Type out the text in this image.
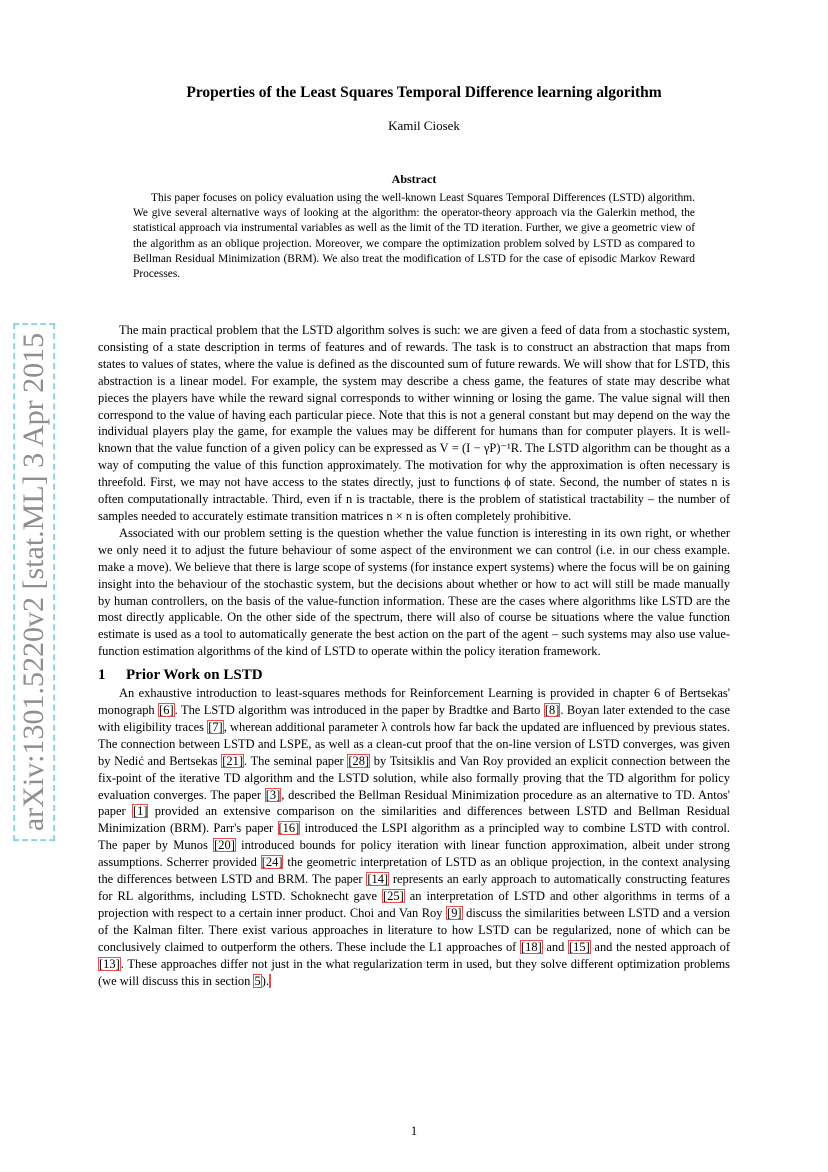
arXiv:1301.5220v2 [stat.ML] 3 Apr 2015
Properties of the Least Squares Temporal Difference learning algorithm
Kamil Ciosek
Abstract

This paper focuses on policy evaluation using the well-known Least Squares Temporal Differences (LSTD) algorithm. We give several alternative ways of looking at the algorithm: the operator-theory approach via the Galerkin method, the statistical approach via instrumental variables as well as the limit of the TD iteration. Further, we give a geometric view of the algorithm as an oblique projection. Moreover, we compare the optimization problem solved by LSTD as compared to Bellman Residual Minimization (BRM). We also treat the modification of LSTD for the case of episodic Markov Reward Processes.

The main practical problem that the LSTD algorithm solves is such: we are given a feed of data from a stochastic system, consisting of a state description in terms of features and of rewards. The task is to construct an abstraction that maps from states to values of states, where the value is defined as the discounted sum of future rewards. We will show that for LSTD, this abstraction is a linear model. For example, the system may describe a chess game, the features of state may describe what pieces the players have while the reward signal corresponds to wither winning or losing the game. The value signal will then correspond to the value of having each particular piece. Note that this is not a general constant but may depend on the way the individual players play the game, for example the values may be different for humans than for computer players. It is well-known that the value function of a given policy can be expressed as V = (I − γP)⁻¹R. The LSTD algorithm can be thought as a way of computing the value of this function approximately. The motivation for why the approximation is often necessary is threefold. First, we may not have access to the states directly, just to functions ϕ of state. Second, the number of states n is often computationally intractable. Third, even if n is tractable, there is the problem of statistical tractability – the number of samples needed to accurately estimate transition matrices n × n is often completely prohibitive.

Associated with our problem setting is the question whether the value function is interesting in its own right, or whether we only need it to adjust the future behaviour of some aspect of the environment we can control (i.e. in our chess example. make a move). We believe that there is large scope of systems (for instance expert systems) where the focus will be on gaining insight into the behaviour of the stochastic system, but the decisions about whether or how to act will still be made manually by human controllers, on the basis of the value-function information. These are the cases where algorithms like LSTD are the most directly applicable. On the other side of the spectrum, there will also of course be situations where the value function estimate is used as a tool to automatically generate the best action on the part of the agent – such systems may also use value-function estimation algorithms of the kind of LSTD to operate within the policy iteration framework.

1 Prior Work on LSTD

An exhaustive introduction to least-squares methods for Reinforcement Learning is provided in chapter 6 of Bertsekas' monograph [6]. The LSTD algorithm was introduced in the paper by Bradtke and Barto [8]. Boyan later extended to the case with eligibility traces [7], wherean additional parameter λ controls how far back the updated are influenced by previous states. The connection between LSTD and LSPE, as well as a clean-cut proof that the on-line version of LSTD converges, was given by Nedić and Bertsekas [21]. The seminal paper [28] by Tsitsiklis and Van Roy provided an explicit connection between the fix-point of the iterative TD algorithm and the LSTD solution, while also formally proving that the TD algorithm for policy evaluation converges. The paper [3], described the Bellman Residual Minimization procedure as an alternative to TD. Antos' paper [1] provided an extensive comparison on the similarities and differences between LSTD and Bellman Residual Minimization (BRM). Parr's paper [16] introduced the LSPI algorithm as a principled way to combine LSTD with control. The paper by Munos [20] introduced bounds for policy iteration with linear function approximation, albeit under strong assumptions. Scherrer provided [24] the geometric interpretation of LSTD as an oblique projection, in the context analysing the differences between LSTD and BRM. The paper [14] represents an early approach to automatically constructing features for RL algorithms, including LSTD. Schoknecht gave [25] an interpretation of LSTD and other algorithms in terms of a projection with respect to a certain inner product. Choi and Van Roy [9] discuss the similarities between LSTD and a version of the Kalman filter. There exist various approaches in literature to how LSTD can be regularized, none of which can be conclusively claimed to outperform the others. These include the L1 approaches of [18] and [15] and the nested approach of [13]. These approaches differ not just in the what regularization term in used, but they solve different optimization problems (we will discuss this in section 5).

1
